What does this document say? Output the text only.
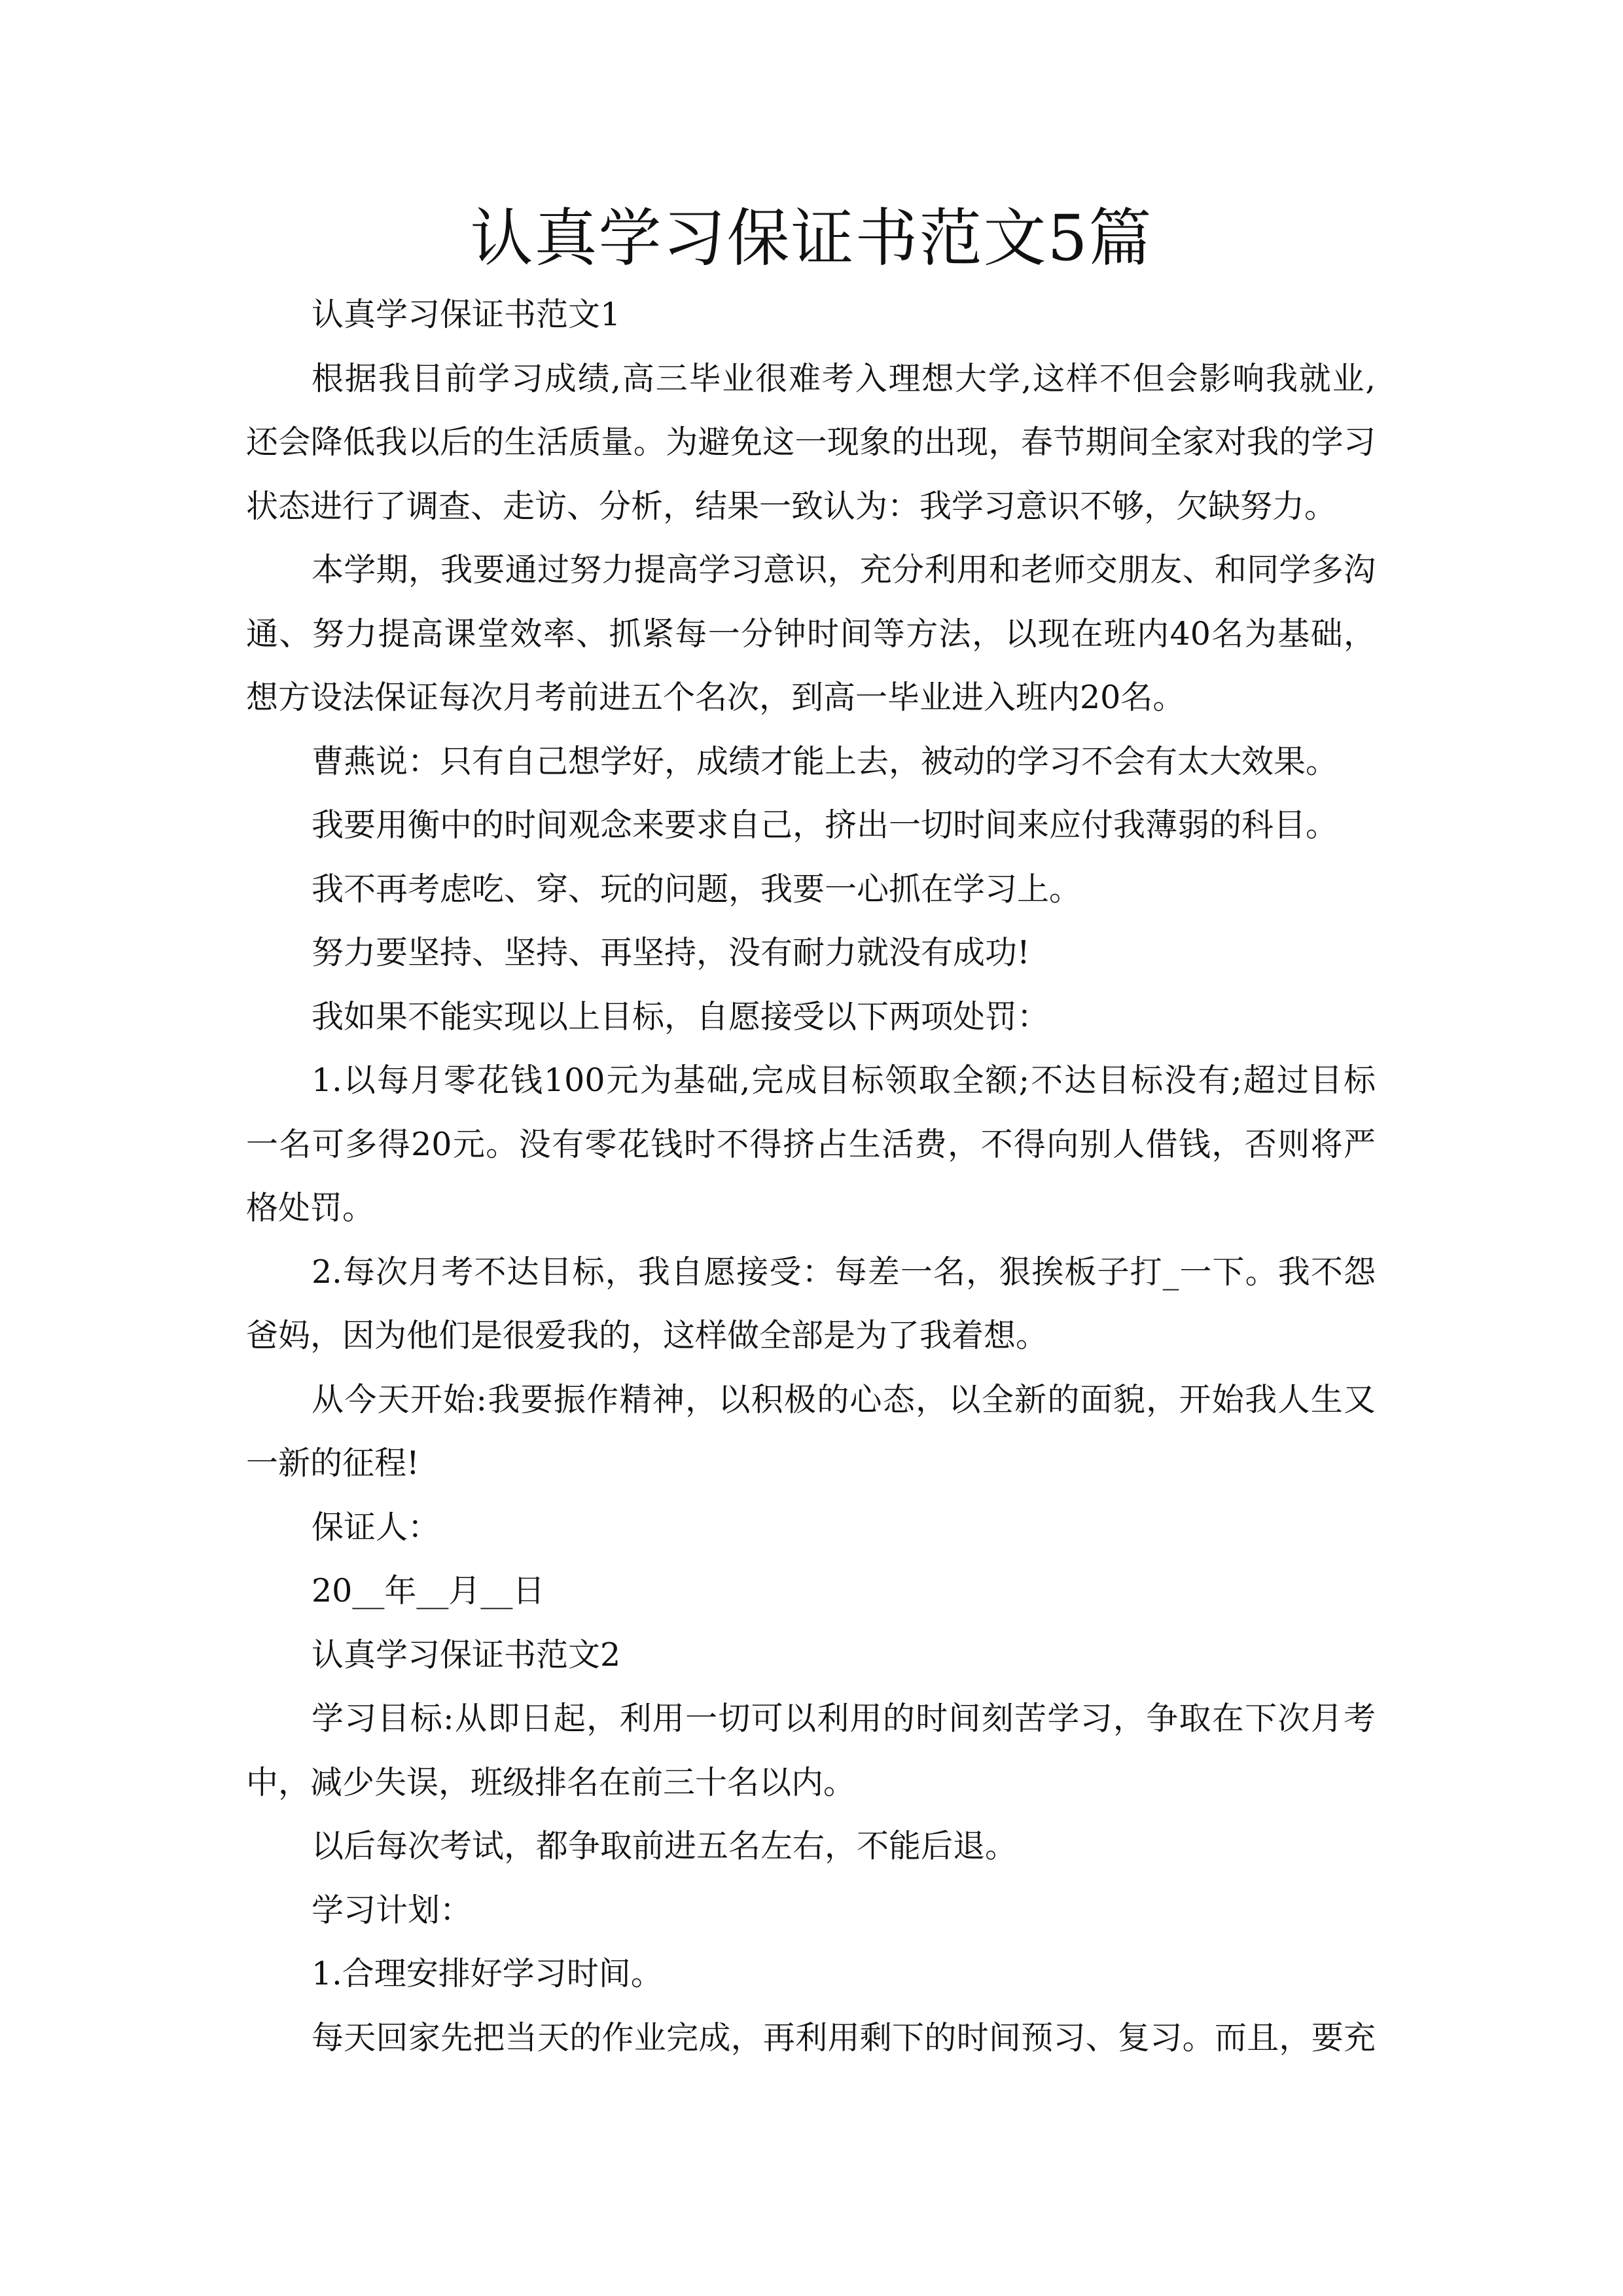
认真学习保证书范文5篇
认真学习保证书范文1
根据我目前学习成绩,高三毕业很难考入理想大学,这样不但会影响我就业,
还会降低我以后的生活质量。为避免这一现象的出现，春节期间全家对我的学习
状态进行了调查、走访、分析，结果一致认为：我学习意识不够，欠缺努力。
本学期，我要通过努力提高学习意识，充分利用和老师交朋友、和同学多沟
通、努力提高课堂效率、抓紧每一分钟时间等方法，以现在班内40名为基础，
想方设法保证每次月考前进五个名次，到高一毕业进入班内20名。
曹燕说：只有自己想学好，成绩才能上去，被动的学习不会有太大效果。
我要用衡中的时间观念来要求自己，挤出一切时间来应付我薄弱的科目。
我不再考虑吃、穿、玩的问题，我要一心抓在学习上。
努力要坚持、坚持、再坚持，没有耐力就没有成功!
我如果不能实现以上目标，自愿接受以下两项处罚：
1.以每月零花钱100元为基础,完成目标领取全额;不达目标没有;超过目标
一名可多得20元。没有零花钱时不得挤占生活费，不得向别人借钱，否则将严
格处罚。
2.每次月考不达目标，我自愿接受：每差一名，狠挨板子打_一下。我不怨
爸妈，因为他们是很爱我的，这样做全部是为了我着想。
从今天开始:我要振作精神，以积极的心态，以全新的面貌，开始我人生又
一新的征程!
保证人：
20__年__月__日
认真学习保证书范文2
学习目标:从即日起，利用一切可以利用的时间刻苦学习，争取在下次月考
中，减少失误，班级排名在前三十名以内。
以后每次考试，都争取前进五名左右，不能后退。
学习计划：
1.合理安排好学习时间。
每天回家先把当天的作业完成，再利用剩下的时间预习、复习。而且，要充
